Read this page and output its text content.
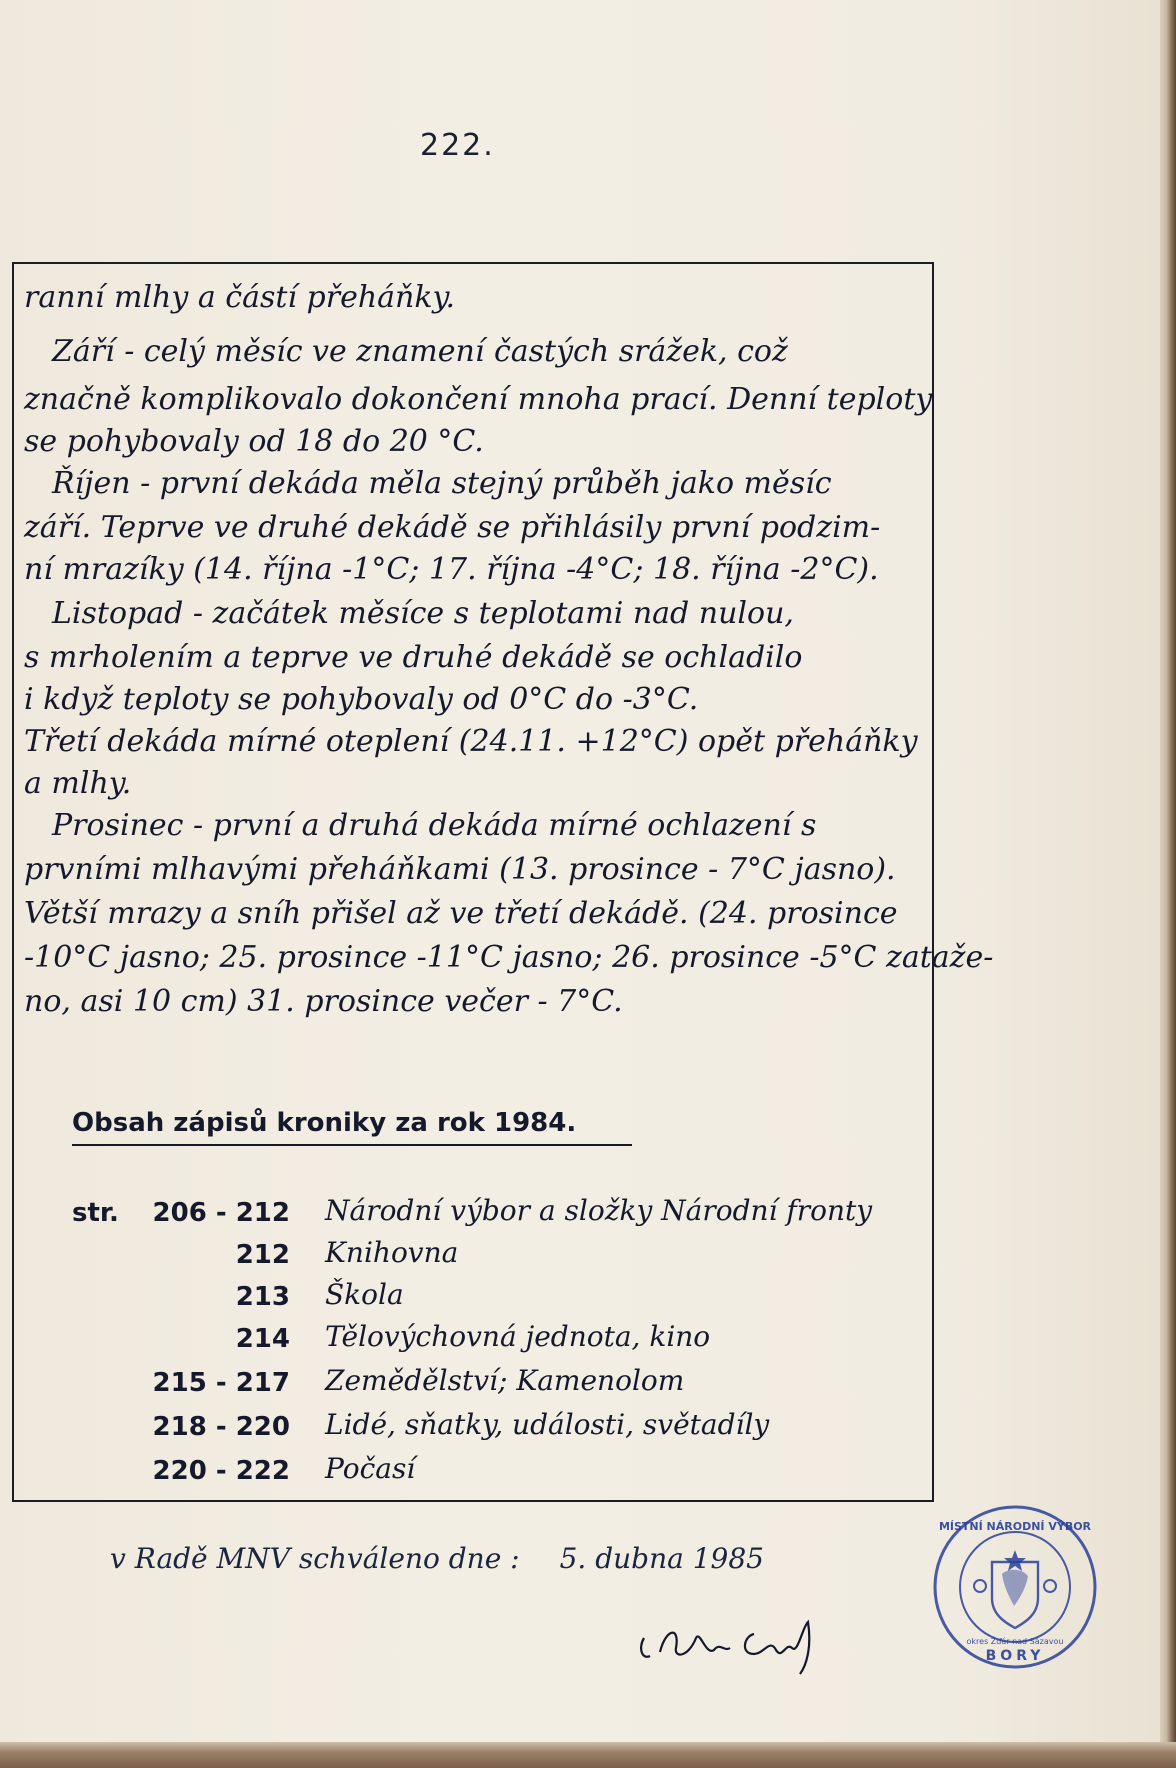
222.
ranní mlhy a částí přeháňky.
Září - celý měsíc ve znamení častých srážek, což
značně komplikovalo dokončení mnoha prací. Denní teploty
se pohybovaly od 18 do 20 °C.
Říjen - první dekáda měla stejný průběh jako měsíc
září. Teprve ve druhé dekádě se přihlásily první podzim-
ní mrazíky (14. října -1°C; 17. října -4°C; 18. října -2°C).
Listopad - začátek měsíce s teplotami nad nulou,
s mrholením a teprve ve druhé dekádě se ochladilo
i když teploty se pohybovaly od 0°C do -3°C.
Třetí dekáda mírné oteplení (24.11. +12°C) opět přeháňky
a mlhy.
Prosinec - první a druhá dekáda mírné ochlazení s
prvními mlhavými přeháňkami (13. prosince - 7°C jasno).
Větší mrazy a sníh přišel až ve třetí dekádě. (24. prosince
-10°C jasno; 25. prosince -11°C jasno; 26. prosince -5°C zataže-
no, asi 10 cm) 31. prosince večer - 7°C.
Obsah zápisů kroniky za rok 1984.
str.	206 - 212 Národní výbor a složky Národní fronty
212 Knihovna
213 Škola
214 Tělovýchovná jednota, kino
215 - 217 Zemědělství; Kamenolom
218 - 220 Lidé, sňatky, události, světadíly
220 - 222 Počasí
v Radě MNV schváleno dne : 5. dubna 1985
MÍSTNÍ NÁRODNÍ VÝBOR
okres Žďár nad Sázavou
BORY
